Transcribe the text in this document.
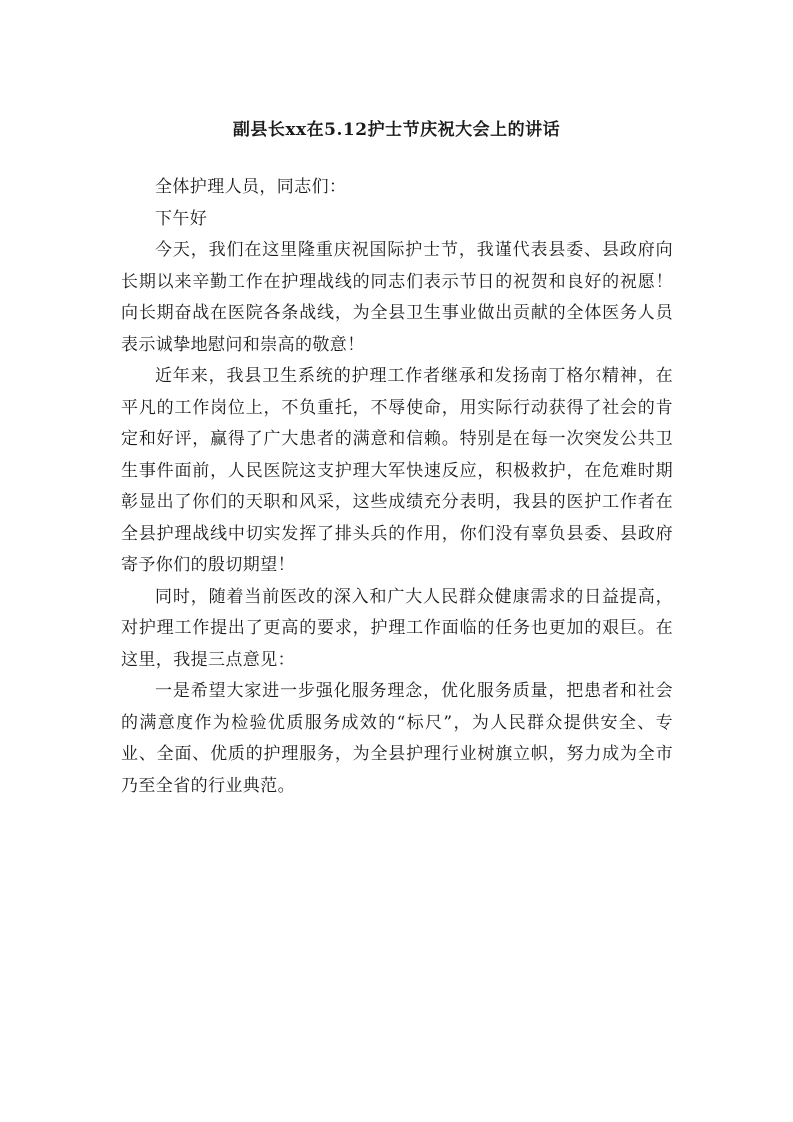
副县长xx在5.12护士节庆祝大会上的讲话

全体护理人员，同志们：

下午好

今天，我们在这里隆重庆祝国际护士节，我谨代表县委、县政府向长期以来辛勤工作在护理战线的同志们表示节日的祝贺和良好的祝愿！向长期奋战在医院各条战线，为全县卫生事业做出贡献的全体医务人员表示诚挚地慰问和崇高的敬意！

近年来，我县卫生系统的护理工作者继承和发扬南丁格尔精神，在平凡的工作岗位上，不负重托，不辱使命，用实际行动获得了社会的肯定和好评，赢得了广大患者的满意和信赖。特别是在每一次突发公共卫生事件面前，人民医院这支护理大军快速反应，积极救护，在危难时期彰显出了你们的天职和风采，这些成绩充分表明，我县的医护工作者在全县护理战线中切实发挥了排头兵的作用，你们没有辜负县委、县政府寄予你们的殷切期望！

同时，随着当前医改的深入和广大人民群众健康需求的日益提高，对护理工作提出了更高的要求，护理工作面临的任务也更加的艰巨。在这里，我提三点意见：

一是希望大家进一步强化服务理念，优化服务质量，把患者和社会的满意度作为检验优质服务成效的“标尺”，为人民群众提供安全、专业、全面、优质的护理服务，为全县护理行业树旗立帜，努力成为全市乃至全省的行业典范。
